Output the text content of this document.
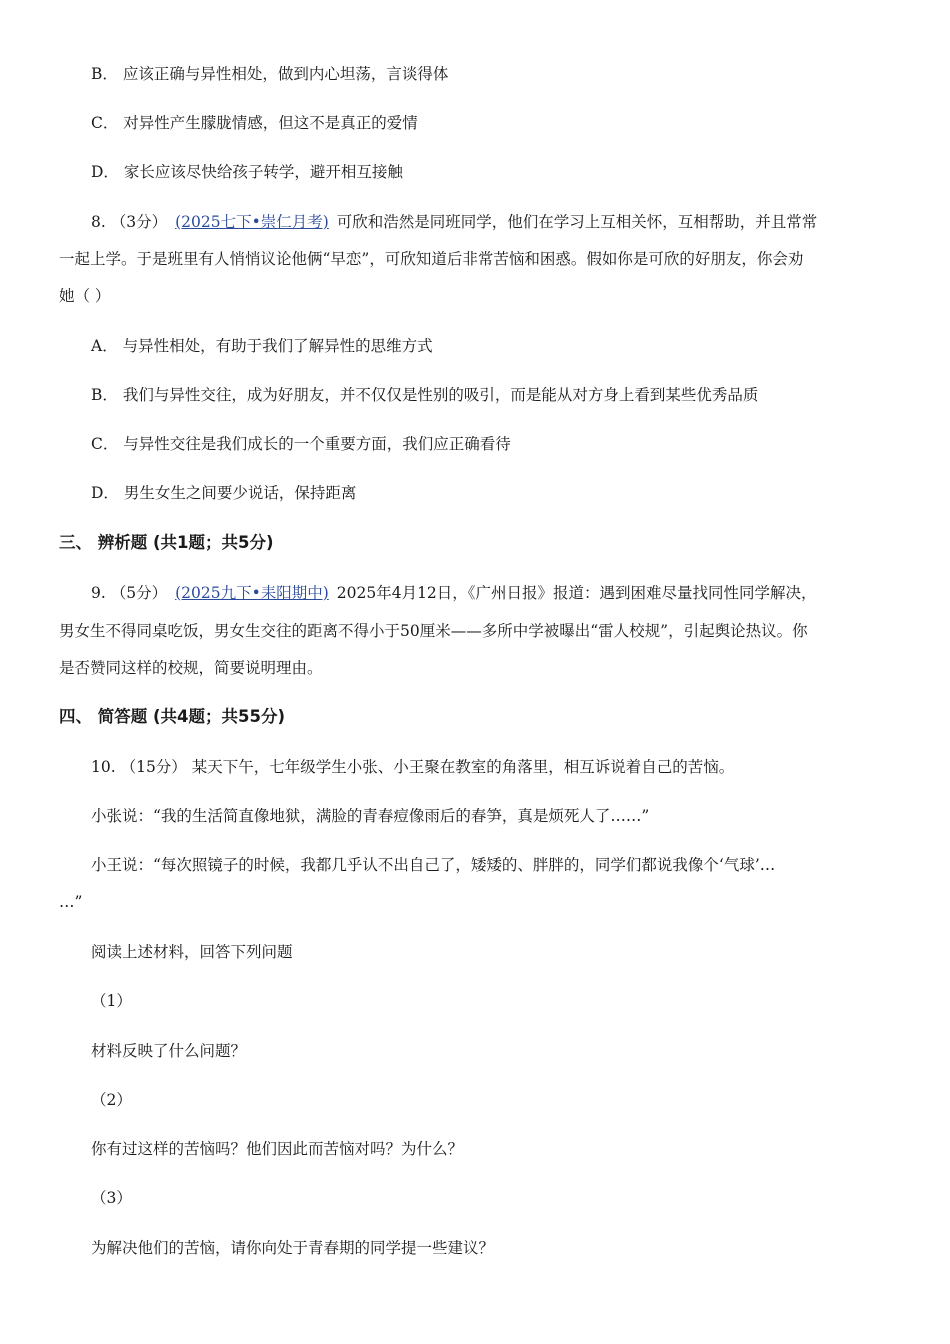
B． 应该正确与异性相处，做到内心坦荡，言谈得体
C． 对异性产生朦胧情感，但这不是真正的爱情
D． 家长应该尽快给孩子转学，避开相互接触
8. （3分） (2025七下•崇仁月考) 可欣和浩然是同班同学，他们在学习上互相关怀，互相帮助，并且常常
一起上学。于是班里有人悄悄议论他俩“早恋”，可欣知道后非常苦恼和困惑。假如你是可欣的好朋友，你会劝
她（ ）
A． 与异性相处，有助于我们了解异性的思维方式
B． 我们与异性交往，成为好朋友，并不仅仅是性别的吸引，而是能从对方身上看到某些优秀品质
C． 与异性交往是我们成长的一个重要方面，我们应正确看待
D． 男生女生之间要少说话，保持距离
三、 辨析题 (共1题；共5分)
9. （5分） (2025九下•耒阳期中) 2025年4月12日，《广州日报》报道：遇到困难尽量找同性同学解决，
男女生不得同桌吃饭，男女生交往的距离不得小于50厘米——多所中学被曝出“雷人校规”，引起舆论热议。你
是否赞同这样的校规，简要说明理由。
四、 简答题 (共4题；共55分)
10. （15分） 某天下午，七年级学生小张、小王聚在教室的角落里，相互诉说着自己的苦恼。
小张说：“我的生活简直像地狱，满脸的青春痘像雨后的春笋，真是烦死人了……”
小王说：“每次照镜子的时候，我都几乎认不出自己了，矮矮的、胖胖的，同学们都说我像个‘气球’…
…”
阅读上述材料，回答下列问题
（1）
材料反映了什么问题？
（2）
你有过这样的苦恼吗？他们因此而苦恼对吗？为什么？
（3）
为解决他们的苦恼，请你向处于青春期的同学提一些建议？
